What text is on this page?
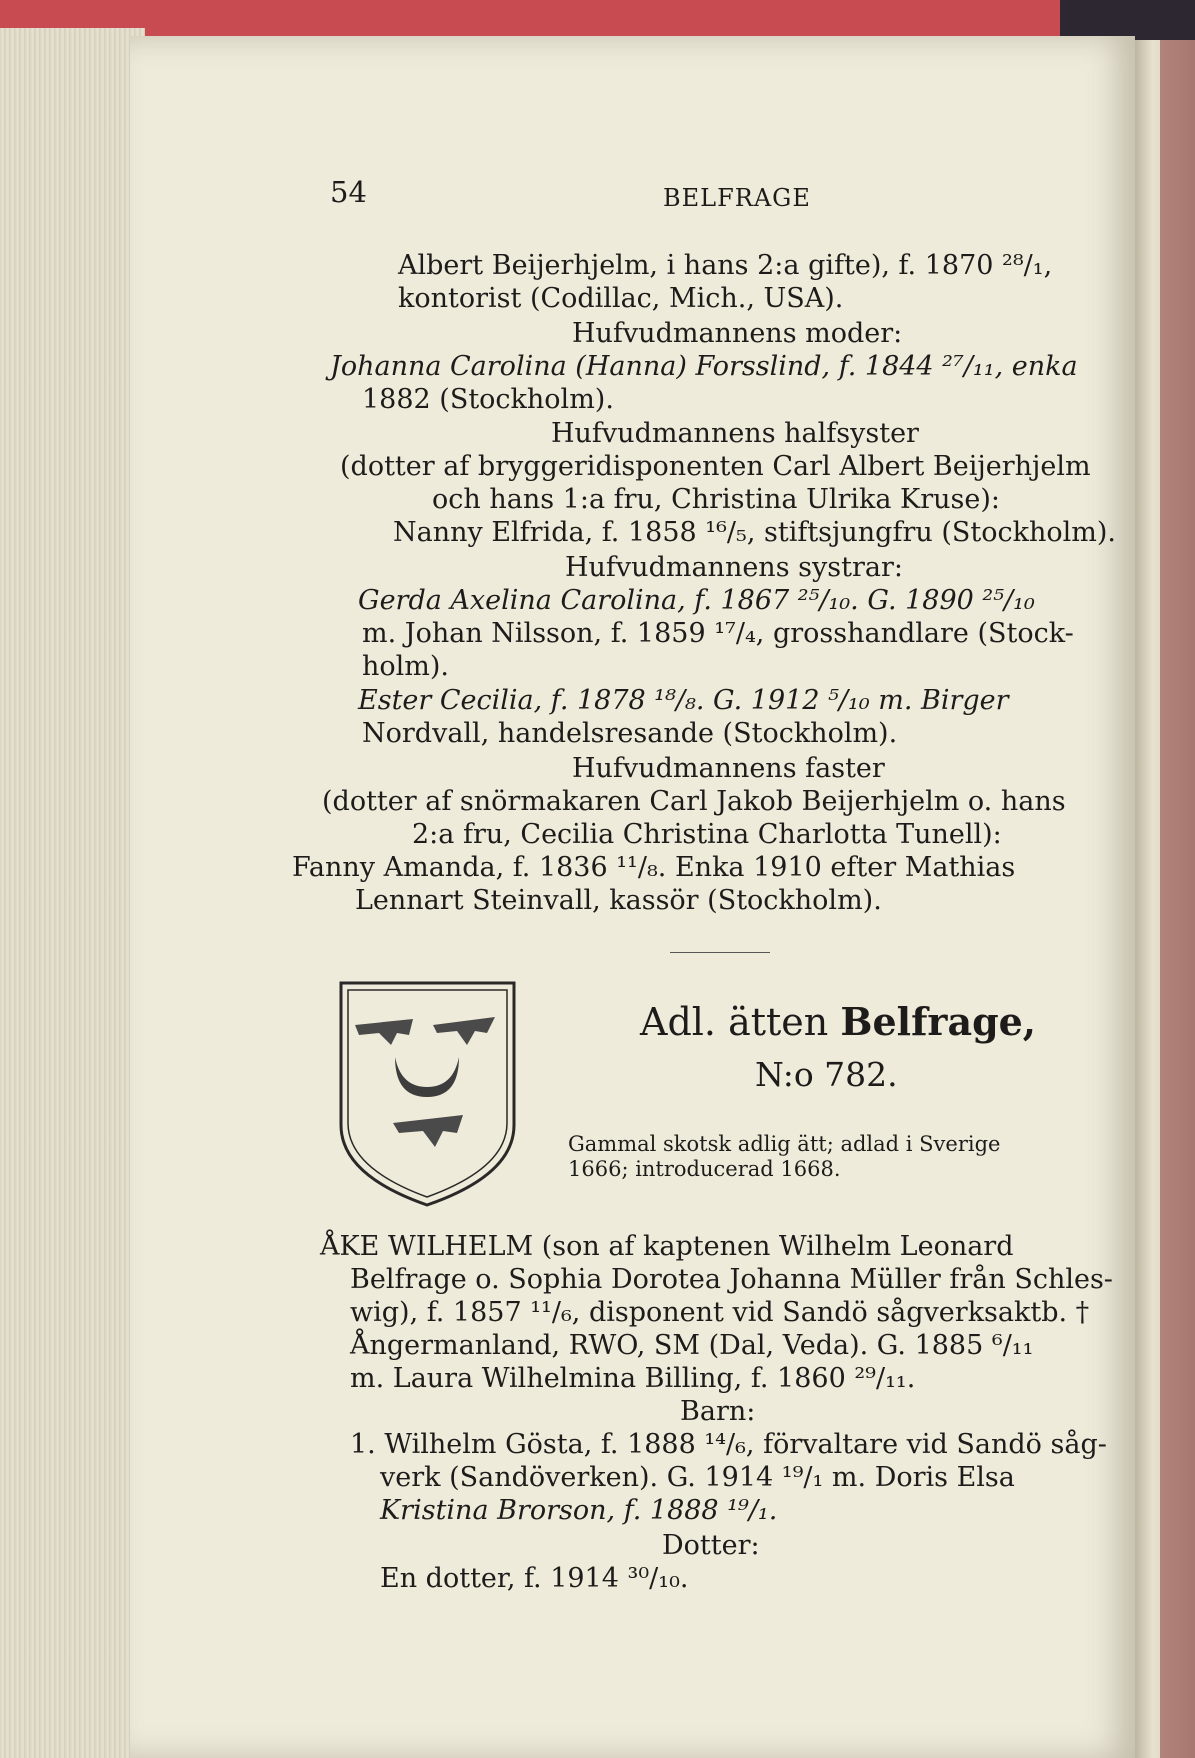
54	BELFRAGE
Albert Beijerhjelm, i hans 2:a gifte), f. 1870 ²⁸/₁,
kontorist (Codillac, Mich., USA).
Hufvudmannens moder:
Johanna Carolina (Hanna) Forsslind, f. 1844 ²⁷/₁₁, enka
1882 (Stockholm).
Hufvudmannens halfsyster
(dotter af bryggeridisponenten Carl Albert Beijerhjelm
och hans 1:a fru, Christina Ulrika Kruse):
Nanny Elfrida, f. 1858 ¹⁶/₅, stiftsjungfru (Stockholm).
Hufvudmannens systrar:
Gerda Axelina Carolina, f. 1867 ²⁵/₁₀. G. 1890 ²⁵/₁₀
m. Johan Nilsson, f. 1859 ¹⁷/₄, grosshandlare (Stock-
holm).
Ester Cecilia, f. 1878 ¹⁸/₈. G. 1912 ⁵/₁₀ m. Birger
Nordvall, handelsresande (Stockholm).
Hufvudmannens faster
(dotter af snörmakaren Carl Jakob Beijerhjelm o. hans
2:a fru, Cecilia Christina Charlotta Tunell):
Fanny Amanda, f. 1836 ¹¹/₈. Enka 1910 efter Mathias
Lennart Steinvall, kassör (Stockholm).
Adl. ätten Belfrage,
N:o 782.
Gammal skotsk adlig ätt; adlad i Sverige
1666; introducerad 1668.
ÅKE WILHELM (son af kaptenen Wilhelm Leonard
Belfrage o. Sophia Dorotea Johanna Müller från Schles-
wig), f. 1857 ¹¹/₆, disponent vid Sandö sågverksaktb. †
Ångermanland, RWO, SM (Dal, Veda). G. 1885 ⁶/₁₁
m. Laura Wilhelmina Billing, f. 1860 ²⁹/₁₁.
Barn:
1. Wilhelm Gösta, f. 1888 ¹⁴/₆, förvaltare vid Sandö såg-
verk (Sandöverken). G. 1914 ¹⁹/₁ m. Doris Elsa
Kristina Brorson, f. 1888 ¹⁹/₁.
Dotter:
En dotter, f. 1914 ³⁰/₁₀.
